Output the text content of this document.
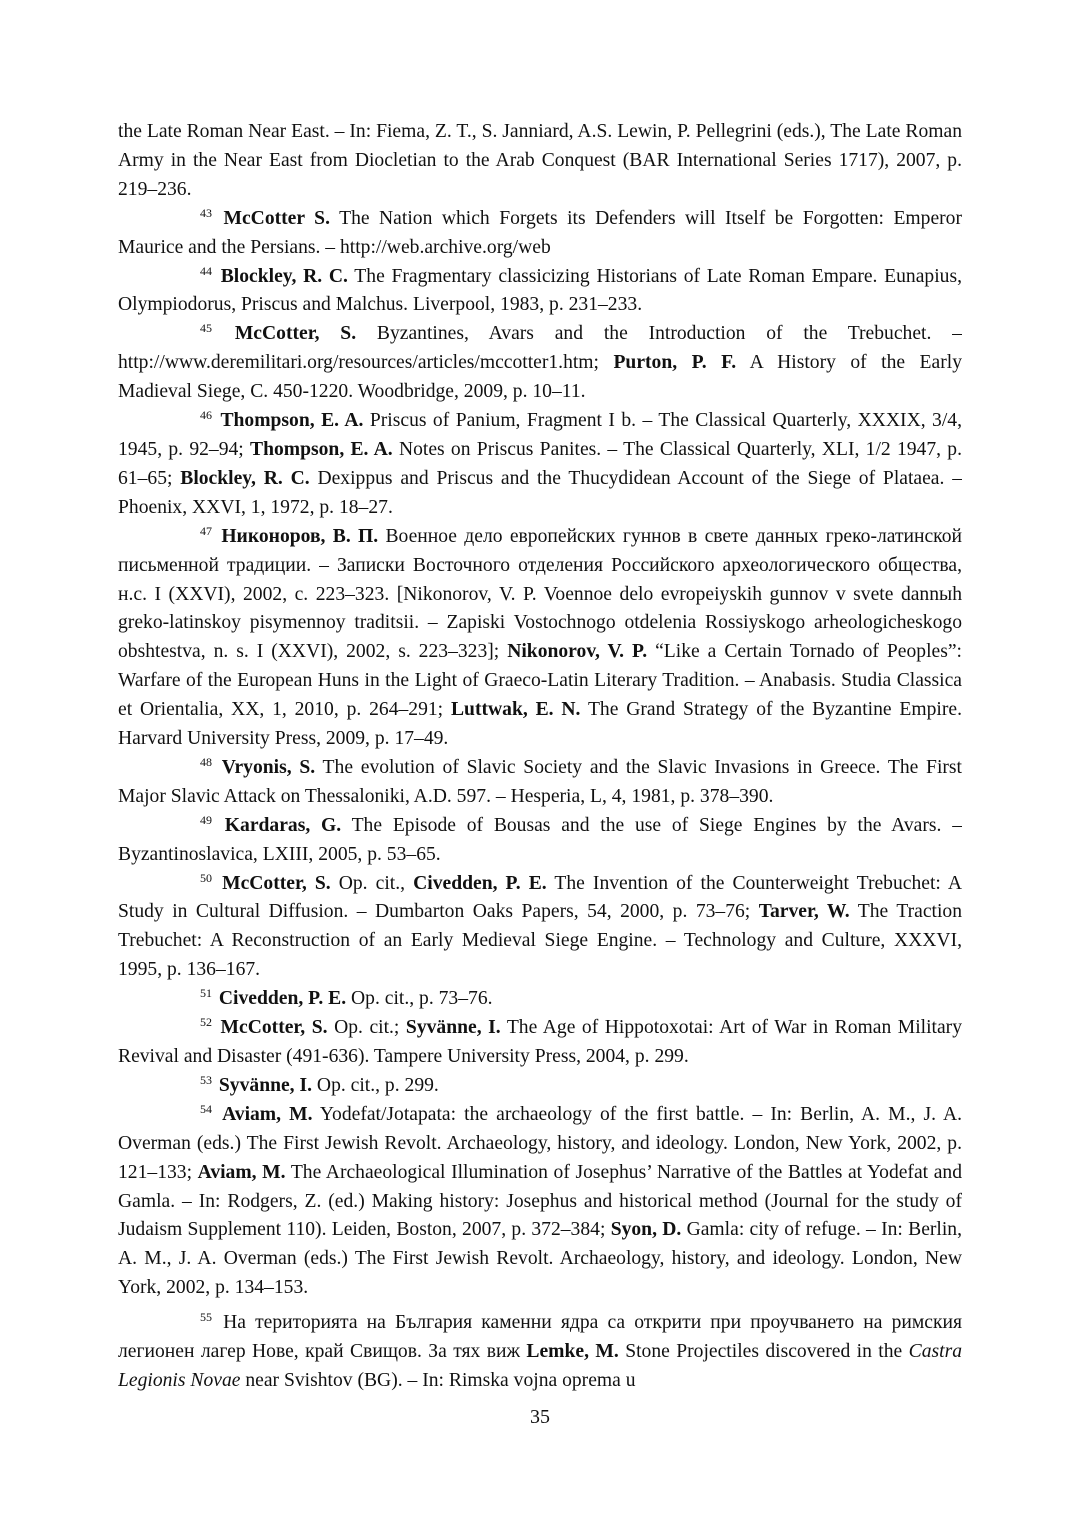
the Late Roman Near East. – In: Fiema, Z. T., S. Janniard, A.S. Lewin, P. Pellegrini (eds.), The Late Roman Army in the Near East from Diocletian to the Arab Conquest (BAR International Series 1717), 2007, p. 219–236.

$^{43}$ McCotter S. The Nation which Forgets its Defenders will Itself be Forgotten: Emperor Maurice and the Persians. – http://web.archive.org/web

$^{44}$ Blockley, R. C. The Fragmentary classicizing Historians of Late Roman Empare. Eunapius, Olympiodorus, Priscus and Malchus. Liverpool, 1983, p. 231–233.

$^{45}$ McCotter, S. Byzantines, Avars and the Introduction of the Trebuchet. – http://www.deremilitari.org/resources/articles/mccotter1.htm; Purton, P. F. A History of the Early Madieval Siege, C. 450-1220. Woodbridge, 2009, p. 10–11.

$^{46}$ Thompson, E. A. Priscus of Panium, Fragment I b. – The Classical Quarterly, XXXIX, 3/4, 1945, p. 92–94; Thompson, E. A. Notes on Priscus Panites. – The Classical Quarterly, XLI, 1/2 1947, p. 61–65; Blockley, R. C. Dexippus and Priscus and the Thucydidean Account of the Siege of Plataea. – Phoenix, XXVI, 1, 1972, p. 18–27.

$^{47}$ Никоноров, В. П. Военное дело европейских гуннов в свете данных греко-латинской письменной традиции. – Записки Восточного отделения Российского археологического общества, н.с. I (XXVI), 2002, с. 223–323. [Nikonorov, V. P. Voennoe delo evropeiyskih gunnov v svete dannыh greko-latinskoy pisymennoy traditsii. – Zapiski Vostochnogo otdelenia Rossiyskogo arheologicheskogo obshtestva, n. s. I (XXVI), 2002, s. 223–323]; Nikonorov, V. P. “Like a Certain Tornado of Peoples”: Warfare of the European Huns in the Light of Graeco-Latin Literary Tradition. – Anabasis. Studia Classica et Orientalia, XX, 1, 2010, p. 264–291; Luttwak, E. N. The Grand Strategy of the Byzantine Empire. Harvard University Press, 2009, p. 17–49.

$^{48}$ Vryonis, S. The evolution of Slavic Society and the Slavic Invasions in Greece. The First Major Slavic Attack on Thessaloniki, A.D. 597. – Hesperia, L, 4, 1981, p. 378–390.

$^{49}$ Kardaras, G. The Episode of Bousas and the use of Siege Engines by the Avars. – Byzantinoslavica, LXIII, 2005, p. 53–65.

$^{50}$ McCotter, S. Op. cit., Civedden, P. E. The Invention of the Counterweight Trebuchet: A Study in Cultural Diffusion. – Dumbarton Oaks Papers, 54, 2000, p. 73–76; Tarver, W. The Traction Trebuchet: A Reconstruction of an Early Medieval Siege Engine. – Technology and Culture, XXXVI, 1995, p. 136–167.

$^{51}$ Civedden, P. E. Op. cit., p. 73–76.

$^{52}$ McCotter, S. Op. cit.; Syvänne, I. The Age of Hippotoxotai: Art of War in Roman Military Revival and Disaster (491-636). Tampere University Press, 2004, p. 299.

$^{53}$ Syvänne, I. Op. cit., p. 299.

$^{54}$ Aviam, M. Yodefat/Jotapata: the archaeology of the first battle. – In: Berlin, A. M., J. A. Overman (eds.) The First Jewish Revolt. Archaeology, history, and ideology. London, New York, 2002, p. 121–133; Aviam, M. The Archaeological Illumination of Josephus’ Narrative of the Battles at Yodefat and Gamla. – In: Rodgers, Z. (ed.) Making history: Josephus and historical method (Journal for the study of Judaism Supplement 110). Leiden, Boston, 2007, p. 372–384; Syon, D. Gamla: city of refuge. – In: Berlin, A. M., J. A. Overman (eds.) The First Jewish Revolt. Archaeology, history, and ideology. London, New York, 2002, p. 134–153.

$^{55}$ На територията на България каменни ядра са открити при проучването на римския легионен лагер Нове, край Свищов. За тях виж Lemke, M. Stone Projectiles discovered in the Castra Legionis Novae near Svishtov (BG). – In: Rimska vojna oprema u

35
